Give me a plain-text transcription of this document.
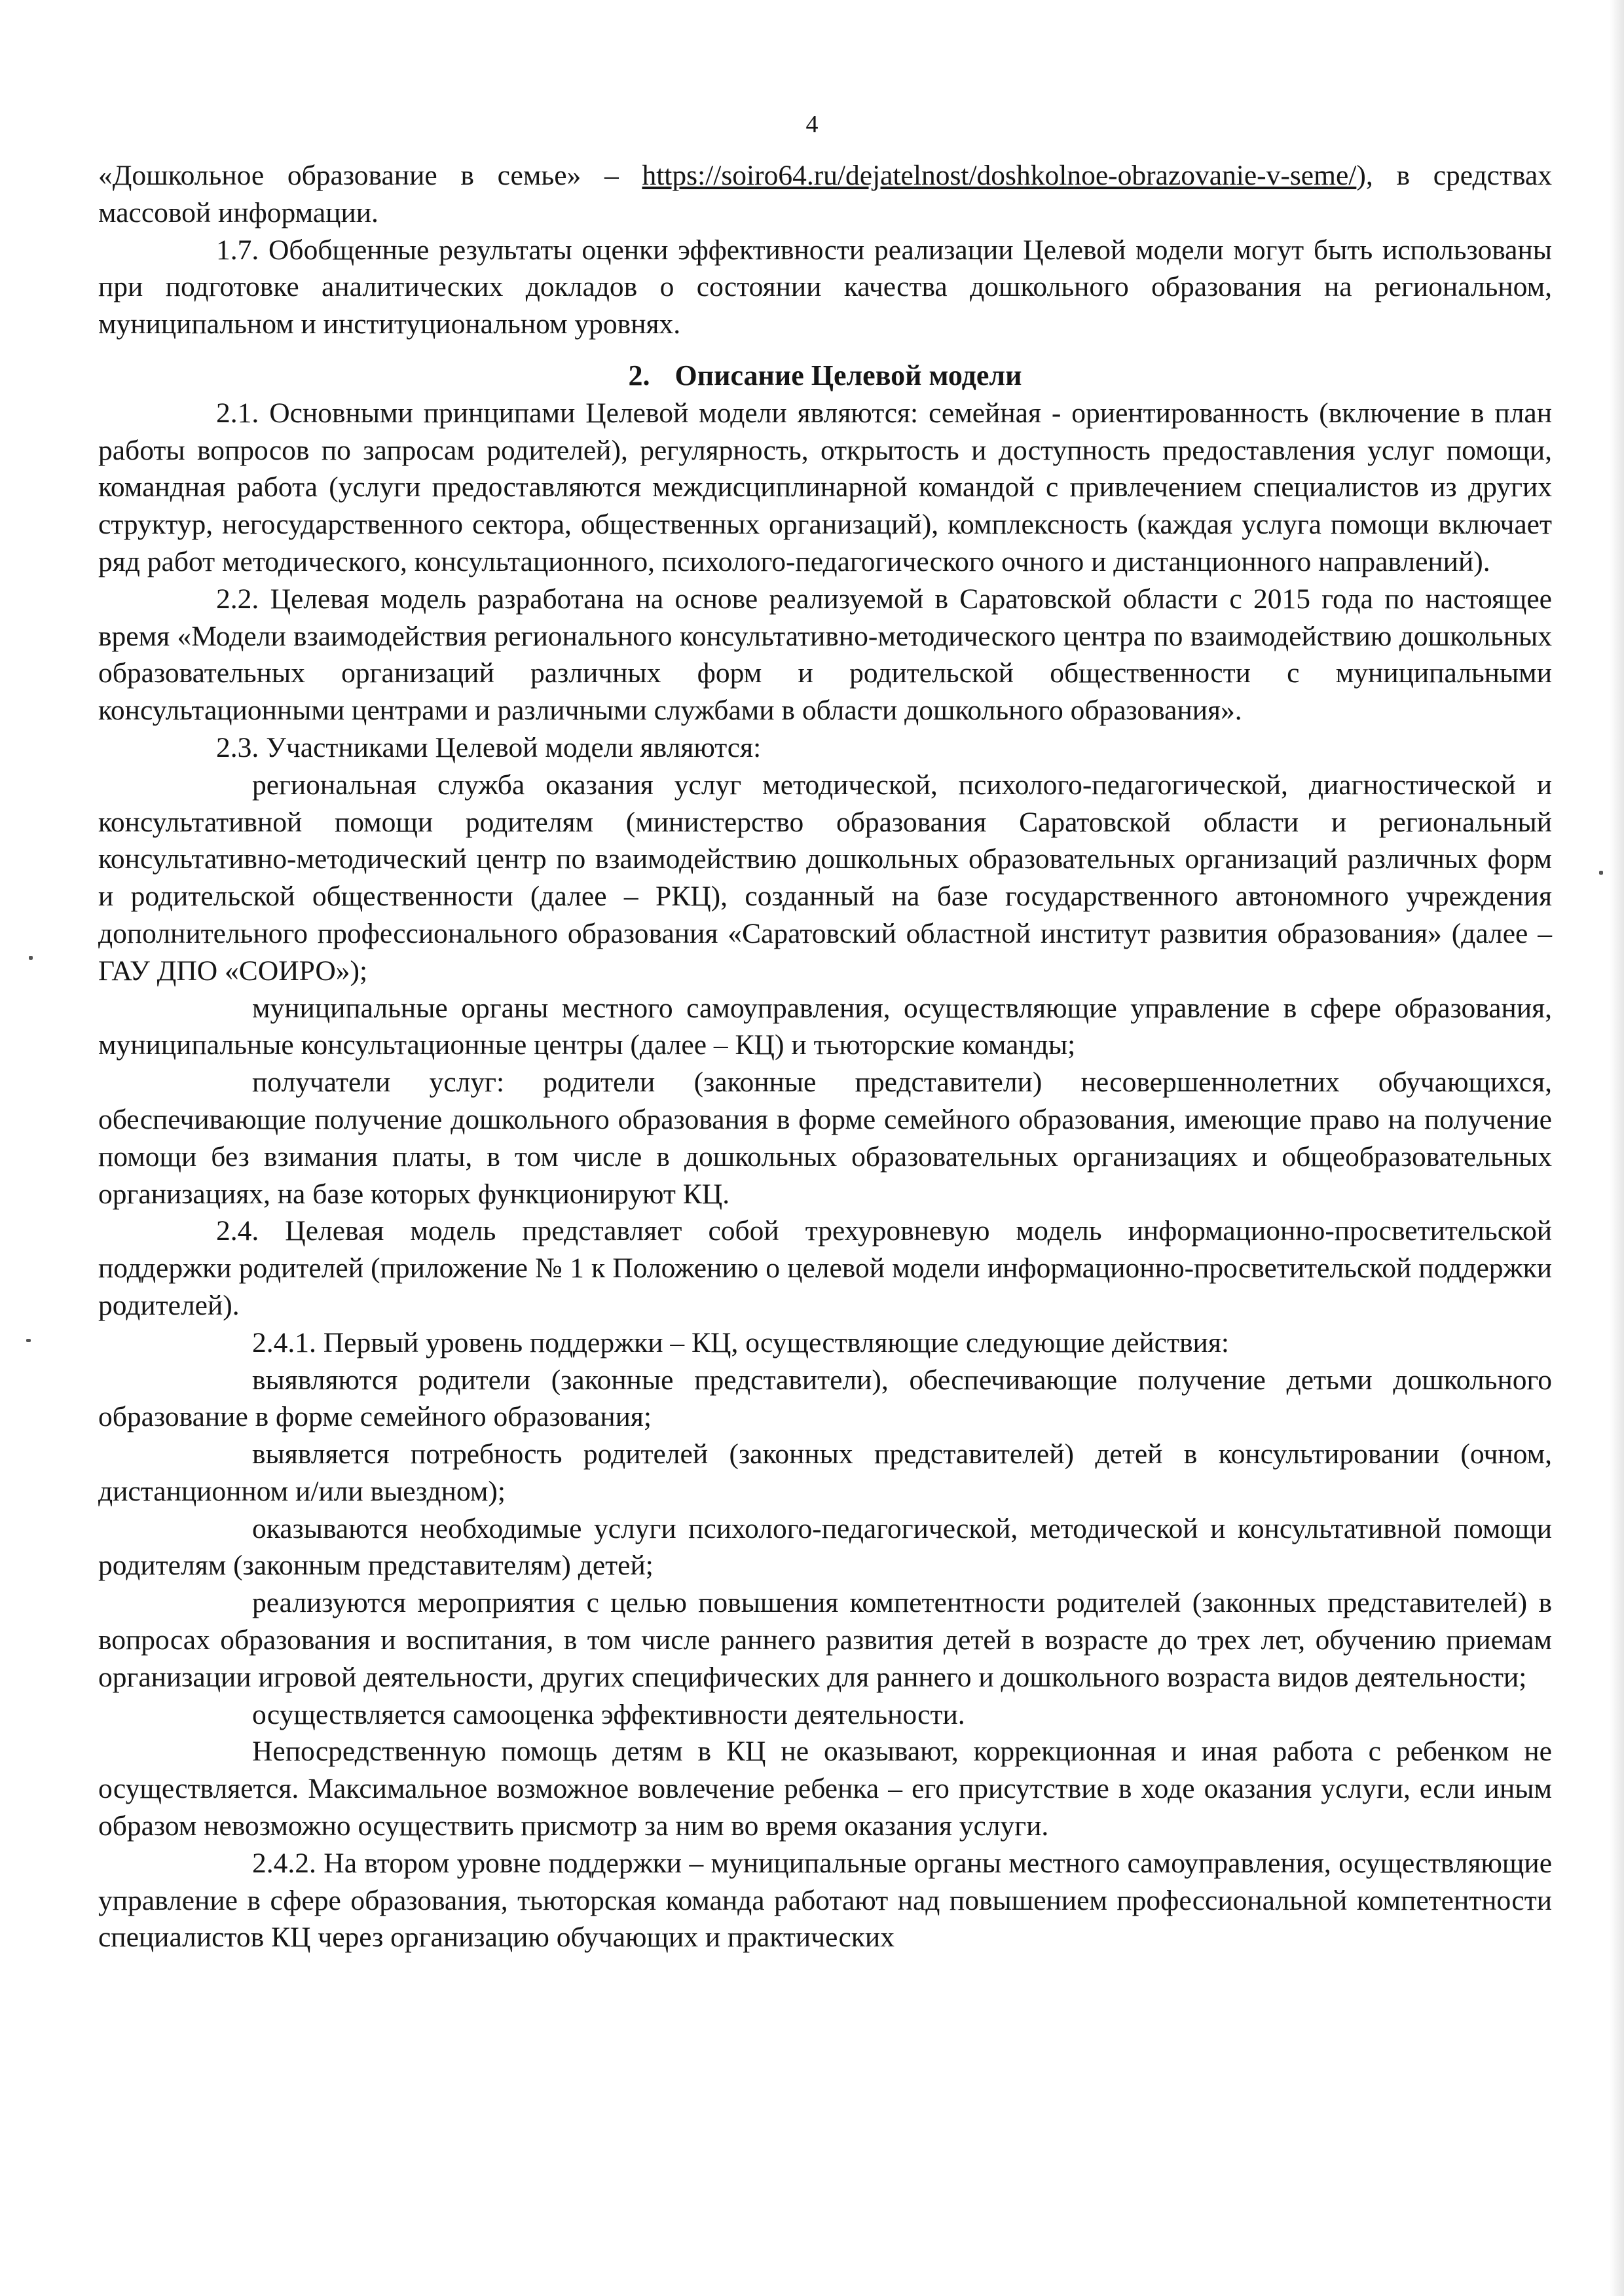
4

«Дошкольное образование в семье» – https://soiro64.ru/dejatelnost/doshkolnoe-obrazovanie-v-seme/), в средствах массовой информации.

1.7. Обобщенные результаты оценки эффективности реализации Целевой модели могут быть использованы при подготовке аналитических докладов о состоянии качества дошкольного образования на региональном, муниципальном и институциональном уровнях.

2. Описание Целевой модели

2.1. Основными принципами Целевой модели являются: семейная - ориентированность (включение в план работы вопросов по запросам родителей), регулярность, открытость и доступность предоставления услуг помощи, командная работа (услуги предоставляются междисциплинарной командой с привлечением специалистов из других структур, негосударственного сектора, общественных организаций), комплексность (каждая услуга помощи включает ряд работ методического, консультационного, психолого-педагогического очного и дистанционного направлений).

2.2. Целевая модель разработана на основе реализуемой в Саратовской области с 2015 года по настоящее время «Модели взаимодействия регионального консультативно-методического центра по взаимодействию дошкольных образовательных организаций различных форм и родительской общественности с муниципальными консультационными центрами и различными службами в области дошкольного образования».

2.3. Участниками Целевой модели являются:

региональная служба оказания услуг методической, психолого-педагогической, диагностической и консультативной помощи родителям (министерство образования Саратовской области и региональный консультативно-методический центр по взаимодействию дошкольных образовательных организаций различных форм и родительской общественности (далее – РКЦ), созданный на базе государственного автономного учреждения дополнительного профессионального образования «Саратовский областной институт развития образования» (далее – ГАУ ДПО «СОИРО»);

муниципальные органы местного самоуправления, осуществляющие управление в сфере образования, муниципальные консультационные центры (далее – КЦ) и тьюторские команды;

получатели услуг: родители (законные представители) несовершеннолетних обучающихся, обеспечивающие получение дошкольного образования в форме семейного образования, имеющие право на получение помощи без взимания платы, в том числе в дошкольных образовательных организациях и общеобразовательных организациях, на базе которых функционируют КЦ.

2.4. Целевая модель представляет собой трехуровневую модель информационно-просветительской поддержки родителей (приложение № 1 к Положению о целевой модели информационно-просветительской поддержки родителей).

2.4.1. Первый уровень поддержки – КЦ, осуществляющие следующие действия:

выявляются родители (законные представители), обеспечивающие получение детьми дошкольного образование в форме семейного образования;

выявляется потребность родителей (законных представителей) детей в консультировании (очном, дистанционном и/или выездном);

оказываются необходимые услуги психолого-педагогической, методической и консультативной помощи родителям (законным представителям) детей;

реализуются мероприятия с целью повышения компетентности родителей (законных представителей) в вопросах образования и воспитания, в том числе раннего развития детей в возрасте до трех лет, обучению приемам организации игровой деятельности, других специфических для раннего и дошкольного возраста видов деятельности;

осуществляется самооценка эффективности деятельности.

Непосредственную помощь детям в КЦ не оказывают, коррекционная и иная работа с ребенком не осуществляется. Максимальное возможное вовлечение ребенка – его присутствие в ходе оказания услуги, если иным образом невозможно осуществить присмотр за ним во время оказания услуги.

2.4.2. На втором уровне поддержки – муниципальные органы местного самоуправления, осуществляющие управление в сфере образования, тьюторская команда работают над повышением профессиональной компетентности специалистов КЦ через организацию обучающих и практических
